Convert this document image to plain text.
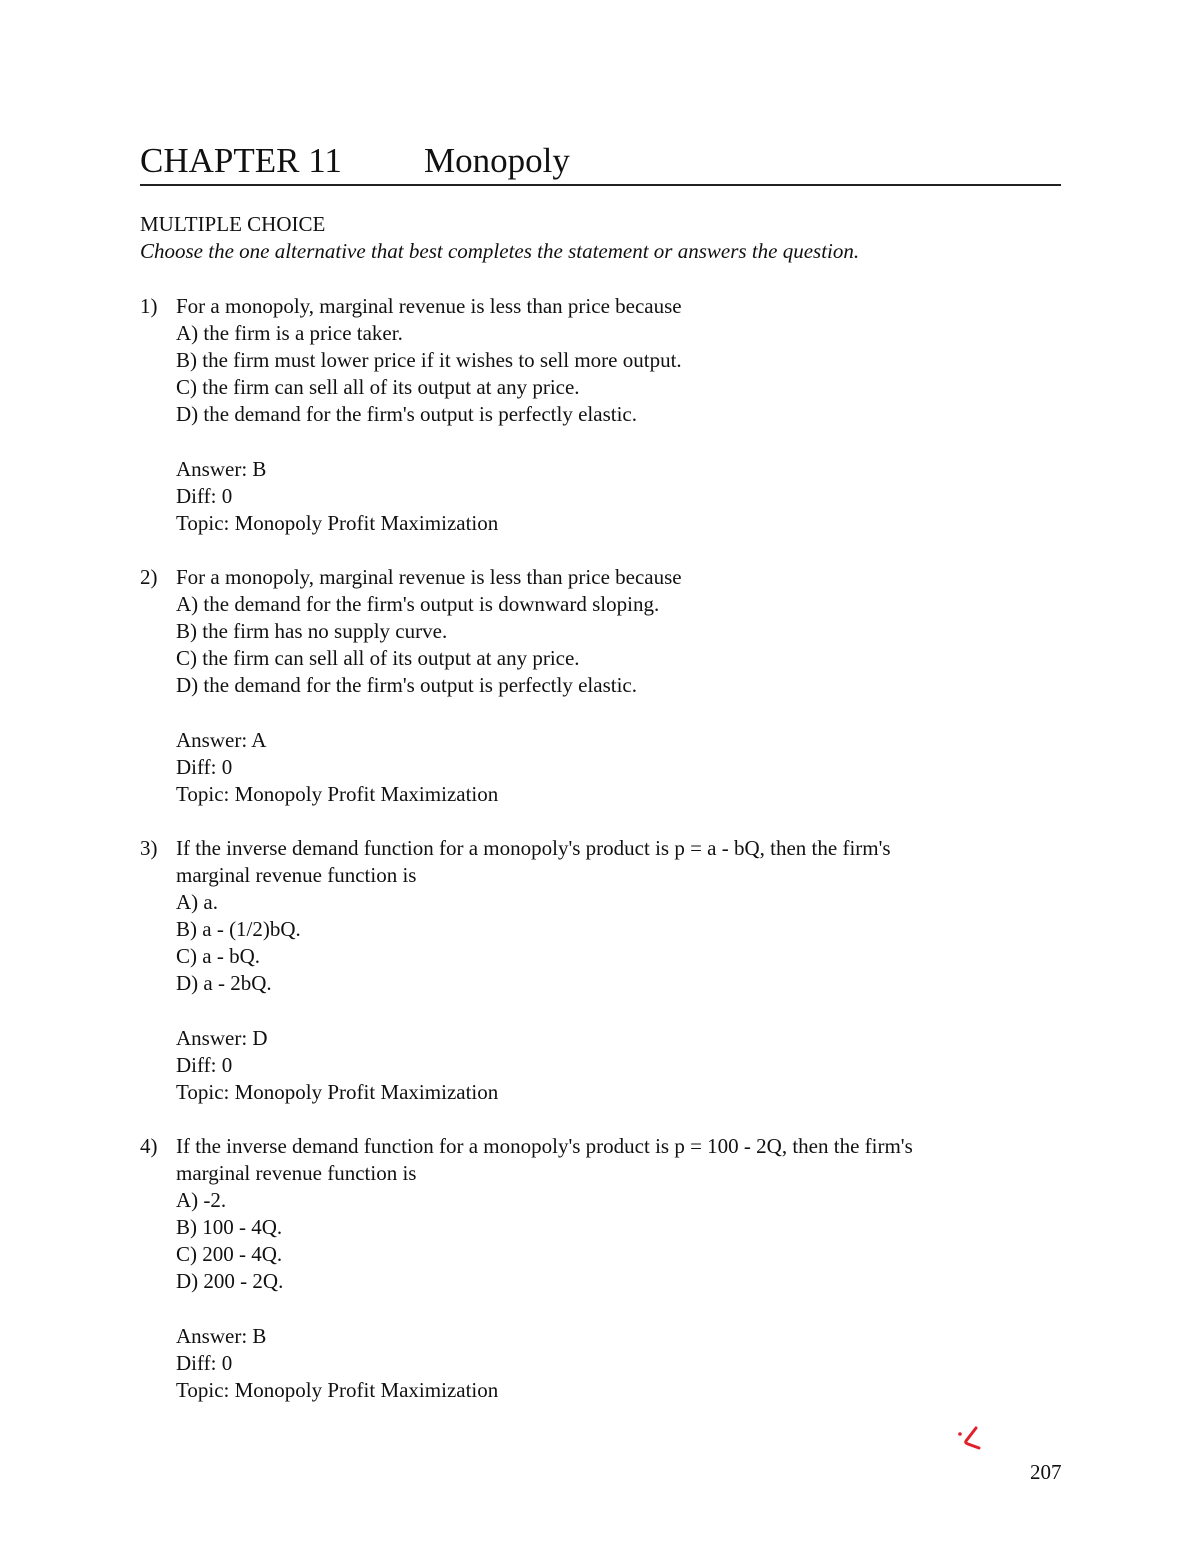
CHAPTER 11 Monopoly
MULTIPLE CHOICE
Choose the one alternative that best completes the statement or answers the question.
1) For a monopoly, marginal revenue is less than price because
A) the firm is a price taker.
B) the firm must lower price if it wishes to sell more output.
C) the firm can sell all of its output at any price.
D) the demand for the firm's output is perfectly elastic.
Answer: B
Diff: 0
Topic: Monopoly Profit Maximization
2) For a monopoly, marginal revenue is less than price because
A) the demand for the firm's output is downward sloping.
B) the firm has no supply curve.
C) the firm can sell all of its output at any price.
D) the demand for the firm's output is perfectly elastic.
Answer: A
Diff: 0
Topic: Monopoly Profit Maximization
3) If the inverse demand function for a monopoly's product is p = a - bQ, then the firm's
marginal revenue function is
A) a.
B) a - (1/2)bQ.
C) a - bQ.
D) a - 2bQ.
Answer: D
Diff: 0
Topic: Monopoly Profit Maximization
4) If the inverse demand function for a monopoly's product is p = 100 - 2Q, then the firm's
marginal revenue function is
A) -2.
B) 100 - 4Q.
C) 200 - 4Q.
D) 200 - 2Q.
Answer: B
Diff: 0
Topic: Monopoly Profit Maximization
207
